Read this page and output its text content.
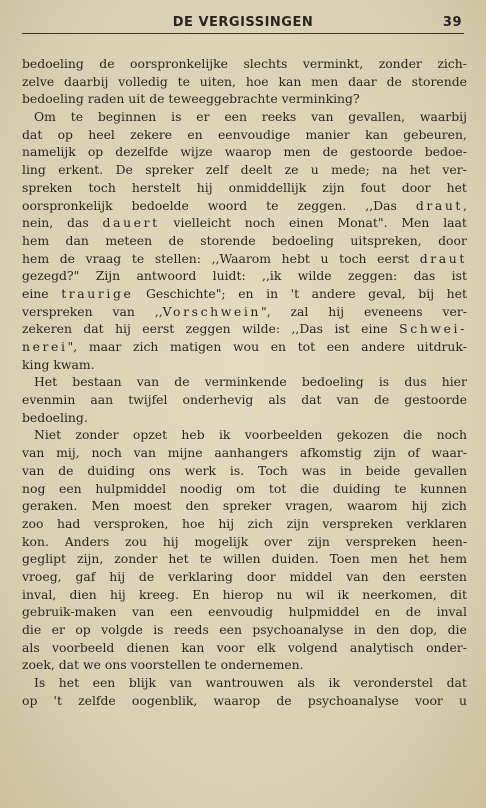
DE VERGISSINGEN	39
bedoeling de oorspronkelijke slechts verminkt, zonder zich-
zelve daarbij volledig te uiten, hoe kan men daar de storende
bedoeling
raden
uit
de
teweeggebrachte
verminking?
Om te beginnen is er een reeks van gevallen, waarbij
dat op heel zekere en eenvoudige manier kan gebeuren,
namelijk op dezelfde wijze waarop men de gestoorde bedoe-
ling erkent. De spreker zelf deelt ze u mede; na het ver-
spreken toch herstelt hij onmiddellijk zijn fout door het
oorspronkelijk bedoelde woord te zeggen. ,,Das draut,
nein, das dauert vielleicht noch einen Monat". Men laat
hem dan meteen de storende bedoeling uitspreken, door
hem de vraag te stellen: ,,Waarom hebt u toch eerst draut
gezegd?" Zijn antwoord luidt: ,,ik wilde zeggen: das ist
eine traurige Geschichte"; en in 't andere geval, bij het
verspreken van ,,Vorschwein", zal hij eveneens ver-
zekeren dat hij eerst zeggen wilde: ,,Das ist eine Schwei-
nerei", maar zich matigen wou en tot een andere uitdruk-
king
kwam.
Het bestaan van de verminkende bedoeling is dus hier
evenmin aan twijfel onderhevig als dat van de gestoorde
bedoeling.
Niet zonder opzet heb ik voorbeelden gekozen die noch
van mij, noch van mijne aanhangers afkomstig zijn of waar-
van de duiding ons werk is. Toch was in beide gevallen
nog een hulpmiddel noodig om tot die duiding te kunnen
geraken. Men moest den spreker vragen, waarom hij zich
zoo had versproken, hoe hij zich zijn verspreken verklaren
kon. Anders zou hij mogelijk over zijn verspreken heen-
geglipt zijn, zonder het te willen duiden. Toen men het hem
vroeg, gaf hij de verklaring door middel van den eersten
inval, dien hij kreeg. En hierop nu wil ik neerkomen, dit
gebruik-maken van een eenvoudig hulpmiddel en de inval
die er op volgde is reeds een psychoanalyse in den dop, die
als voorbeeld dienen kan voor elk volgend analytisch onder-
zoek,
dat
we
ons
voorstellen
te
ondernemen.
Is het een blijk van wantrouwen als ik veronderstel dat
op 't zelfde oogenblik, waarop de psychoanalyse voor u
